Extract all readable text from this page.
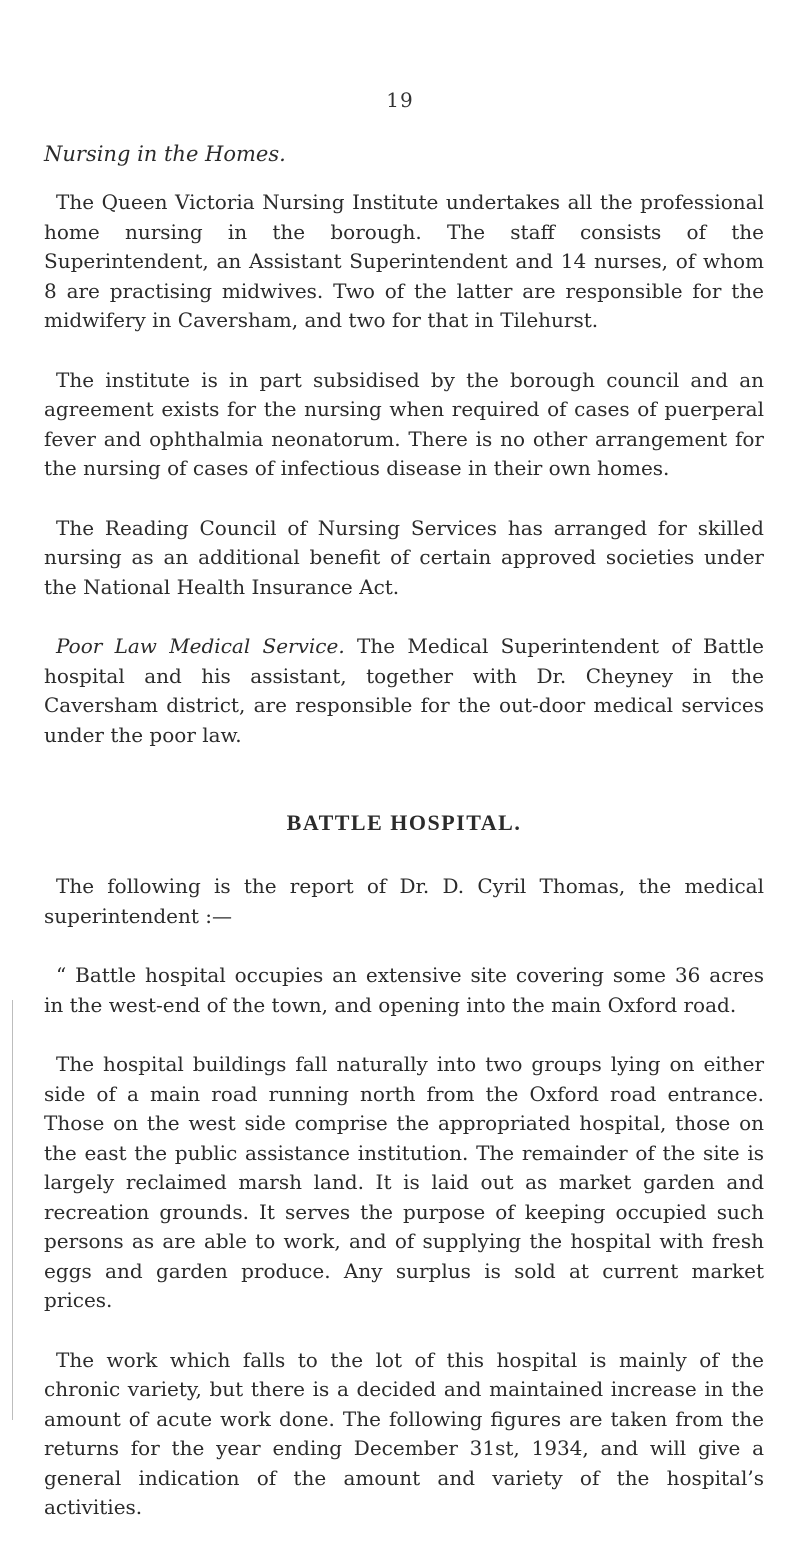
19
Nursing in the Homes.

The Queen Victoria Nursing Institute undertakes all the professional home nursing in the borough. The staff consists of the Superintendent, an Assistant Superintendent and 14 nurses, of whom 8 are practising midwives. Two of the latter are responsible for the midwifery in Caversham, and two for that in Tilehurst.

The institute is in part subsidised by the borough council and an agreement exists for the nursing when required of cases of puerperal fever and ophthalmia neonatorum. There is no other arrangement for the nursing of cases of infectious disease in their own homes.

The Reading Council of Nursing Services has arranged for skilled nursing as an additional benefit of certain approved societies under the National Health Insurance Act.

Poor Law Medical Service. The Medical Superintendent of Battle hospital and his assistant, together with Dr. Cheyney in the Caversham district, are responsible for the out-door medical services under the poor law.

BATTLE HOSPITAL.

The following is the report of Dr. D. Cyril Thomas, the medical superintendent :—

“ Battle hospital occupies an extensive site covering some 36 acres in the west-end of the town, and opening into the main Oxford road.

The hospital buildings fall naturally into two groups lying on either side of a main road running north from the Oxford road entrance. Those on the west side comprise the appropriated hospital, those on the east the public assistance institution. The remainder of the site is largely reclaimed marsh land. It is laid out as market garden and recreation grounds. It serves the purpose of keeping occupied such persons as are able to work, and of supplying the hospital with fresh eggs and garden produce. Any surplus is sold at current market prices.

The work which falls to the lot of this hospital is mainly of the chronic variety, but there is a decided and maintained increase in the amount of acute work done. The following figures are taken from the returns for the year ending December 31st, 1934, and will give a general indication of the amount and variety of the hospital’s activities.
